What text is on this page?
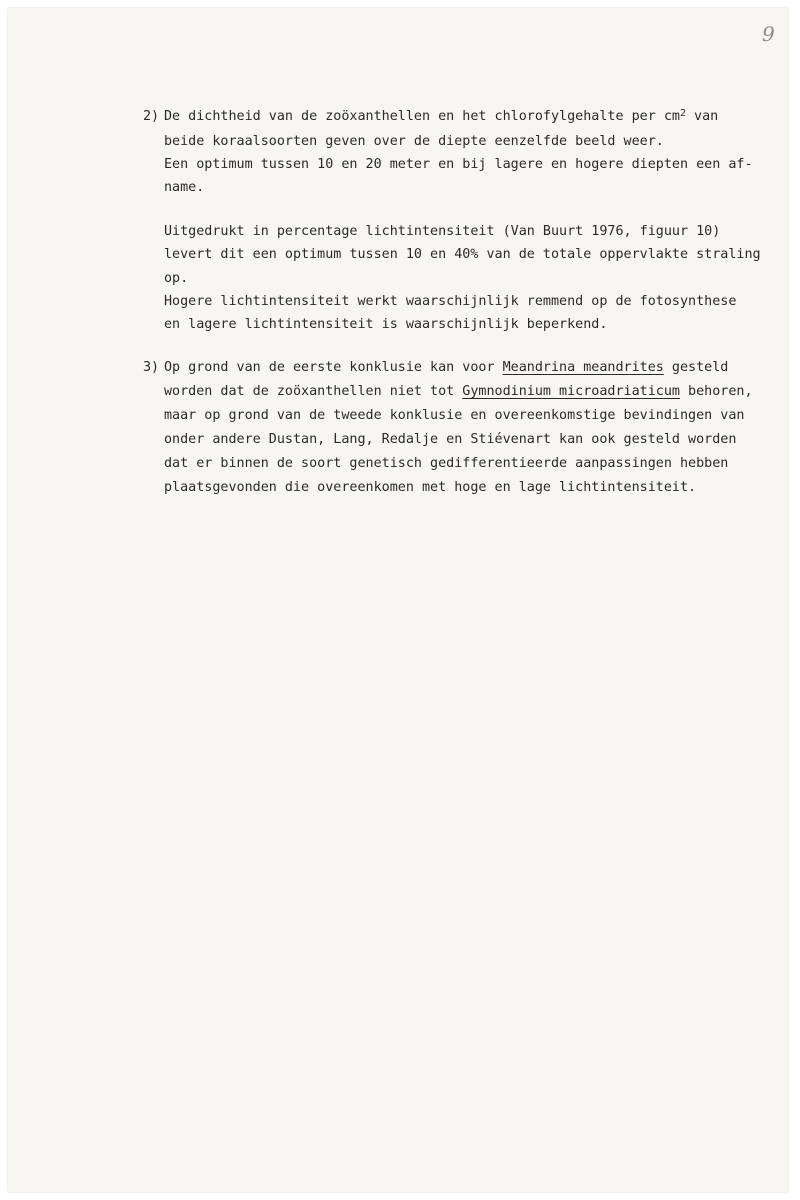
9
2) De dichtheid van de zoöxanthellen en het chlorofylgehalte per $cm^2$ van
beide koraalsoorten geven over de diepte eenzelfde beeld weer.
Een optimum tussen 10 en 20 meter en bij lagere en hogere diepten een af-
name.
Uitgedrukt in percentage lichtintensiteit (Van Buurt 1976, figuur 10)
levert dit een optimum tussen 10 en 40% van de totale oppervlakte straling
op.
Hogere lichtintensiteit werkt waarschijnlijk remmend op de fotosynthese
en lagere lichtintensiteit is waarschijnlijk beperkend.
3) Op grond van de eerste konklusie kan voor Meandrina meandrites gesteld
worden dat de zoöxanthellen niet tot Gymnodinium microadriaticum behoren,
maar op grond van de tweede konklusie en overeenkomstige bevindingen van
onder andere Dustan, Lang, Redalje en Stiévenart kan ook gesteld worden
dat er binnen de soort genetisch gedifferentieerde aanpassingen hebben
plaatsgevonden die overeenkomen met hoge en lage lichtintensiteit.
